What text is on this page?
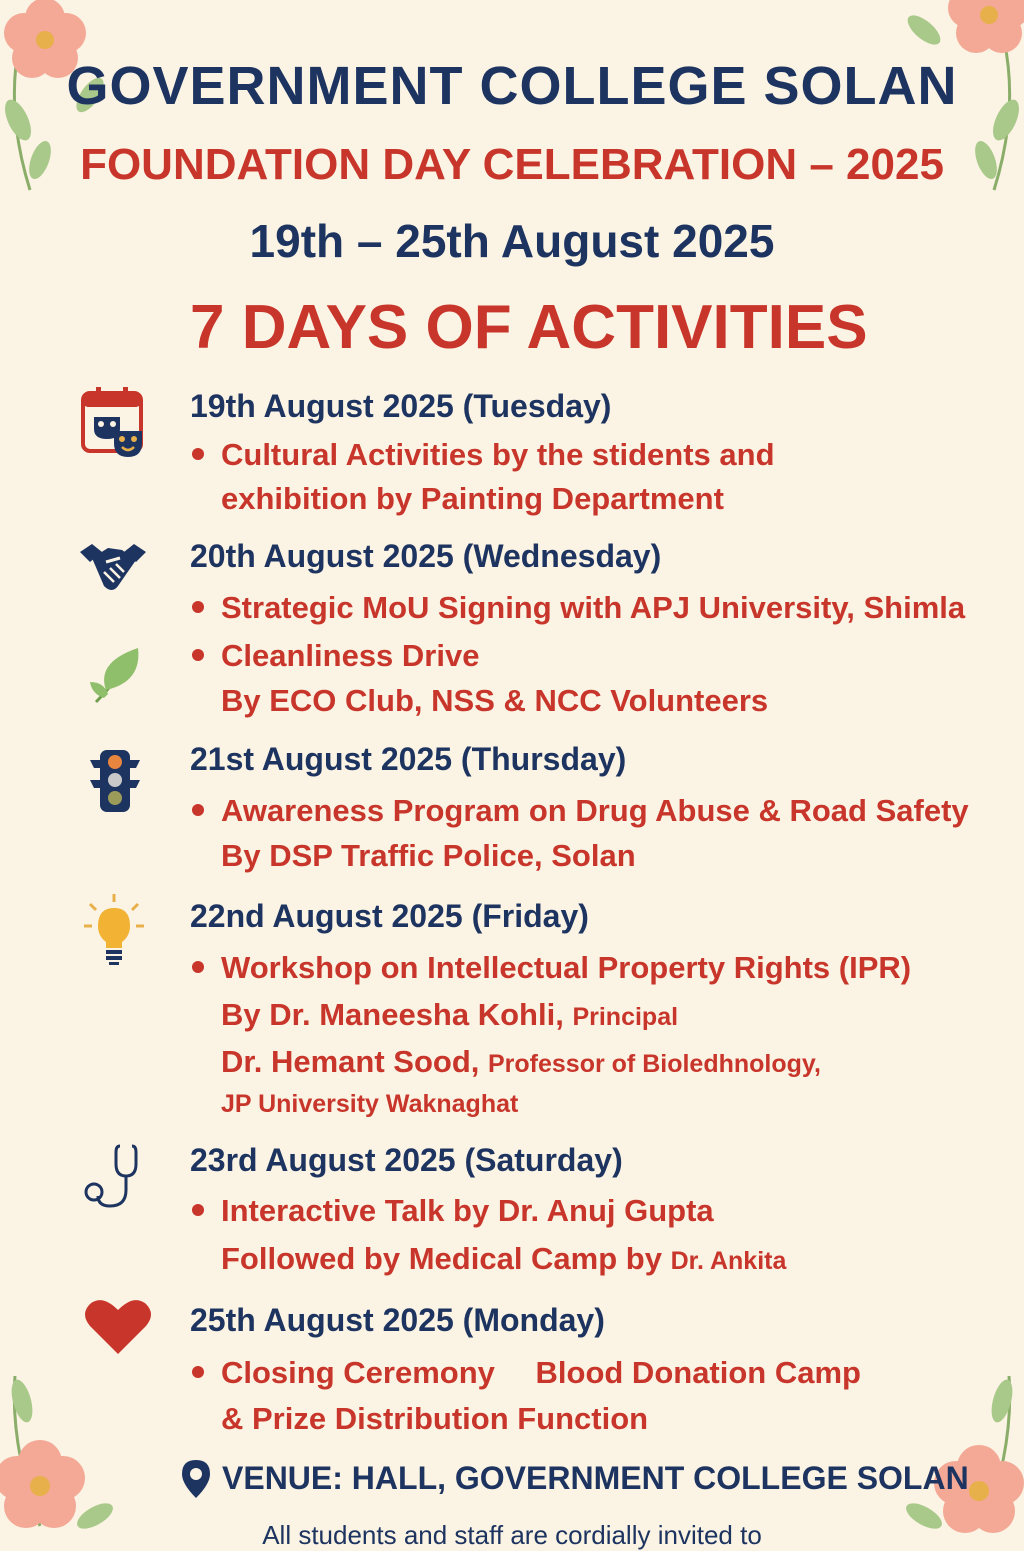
GOVERNMENT COLLEGE SOLAN
FOUNDATION DAY CELEBRATION – 2025
19th – 25th August 2025
7 DAYS OF ACTIVITIES
19th August 2025 (Tuesday)
Cultural Activities by the stidents and
exhibition by Painting Department
20th August 2025 (Wednesday)
Strategic MoU Signing with APJ University, Shimla
Cleanliness Drive
By ECO Club, NSS & NCC Volunteers
21st August 2025 (Thursday)
Awareness Program on Drug Abuse & Road Safety
By DSP Traffic Police, Solan
22nd August 2025 (Friday)
Workshop on Intellectual Property Rights (IPR)
By Dr. Maneesha Kohli, Principal
Dr. Hemant Sood, Professor of Bioledhnology,
JP University Waknaghat
23rd August 2025 (Saturday)
Interactive Talk by Dr. Anuj Gupta
Followed by Medical Camp by Dr. Ankita
25th August 2025 (Monday)
Closing Ceremony Blood Donation Camp
& Prize Distribution Function
VENUE: HALL, GOVERNMENT COLLEGE SOLAN
All students and staff are cordially invited to
